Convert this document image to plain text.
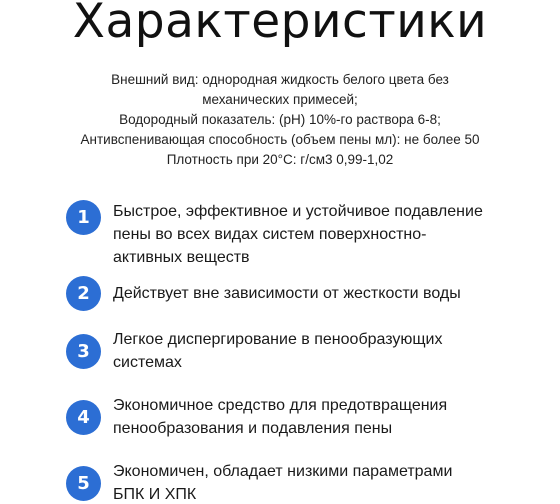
Характеристики
Внешний вид: однородная жидкость белого цвета без
механических примесей;
Водородный показатель: (рН) 10%-го раствора 6-8;
Антивспенивающая способность (объем пены мл): не более 50
Плотность при 20°С: г/см3 0,99-1,02
1	Быстрое, эффективное и устойчивое подавление
пены во всех видах систем поверхностно-
активных веществ
2	Действует вне зависимости от жесткости воды
3
Легкое диспергирование в пенообразующих
системах
4
Экономичное средство для предотвращения
пенообразования и подавления пены
5
Экономичен, обладает низкими параметрами
БПК И ХПК
